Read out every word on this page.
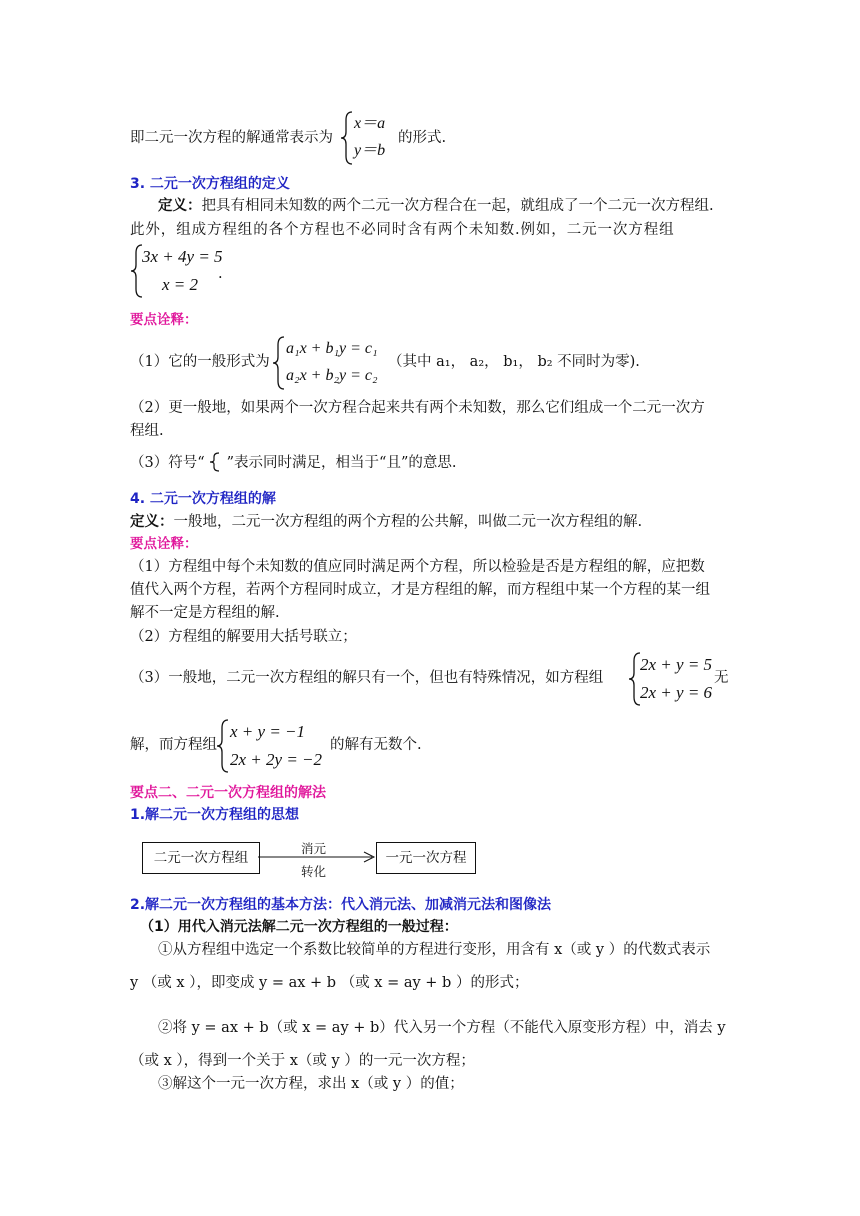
即二元一次方程的解通常表示为
x＝a
y＝b
的形式.
3. 二元一次方程组的定义
定义：把具有相同未知数的两个二元一次方程合在一起，就组成了一个二元一次方程组.
此外，组成方程组的各个方程也不必同时含有两个未知数.例如，二元一次方程组
3x + 4y = 5
x = 2
.
要点诠释：
（1）它的一般形式为
a₁x + b₁y = c₁
a₂x + b₂y = c₂
（其中 a₁， a₂， b₁， b₂ 不同时为零).
（2）更一般地，如果两个一次方程合起来共有两个未知数，那么它们组成一个二元一次方
程组.
（3）符号“ ”表示同时满足，相当于“且”的意思.
4. 二元一次方程组的解
定义：一般地，二元一次方程组的两个方程的公共解，叫做二元一次方程组的解.
要点诠释：
（1）方程组中每个未知数的值应同时满足两个方程，所以检验是否是方程组的解，应把数
值代入两个方程，若两个方程同时成立，才是方程组的解，而方程组中某一个方程的某一组
解不一定是方程组的解.
（2）方程组的解要用大括号联立；
（3）一般地，二元一次方程组的解只有一个，但也有特殊情况，如方程组
2x + y = 5
2x + y = 6
无
解，而方程组
x + y = −1
2x + 2y = −2
的解有无数个.
要点二、二元一次方程组的解法
1.解二元一次方程组的思想
二元一次方程组
消元
转化
一元一次方程
2.解二元一次方程组的基本方法：代入消元法、加减消元法和图像法
（1）用代入消元法解二元一次方程组的一般过程：
①从方程组中选定一个系数比较简单的方程进行变形，用含有 x（或 y ）的代数式表示
y （或 x ），即变成 y = ax + b （或 x = ay + b ）的形式；
②将 y = ax + b（或 x = ay + b）代入另一个方程（不能代入原变形方程）中，消去 y
（或 x ），得到一个关于 x（或 y ）的一元一次方程；
③解这个一元一次方程，求出 x（或 y ）的值；
